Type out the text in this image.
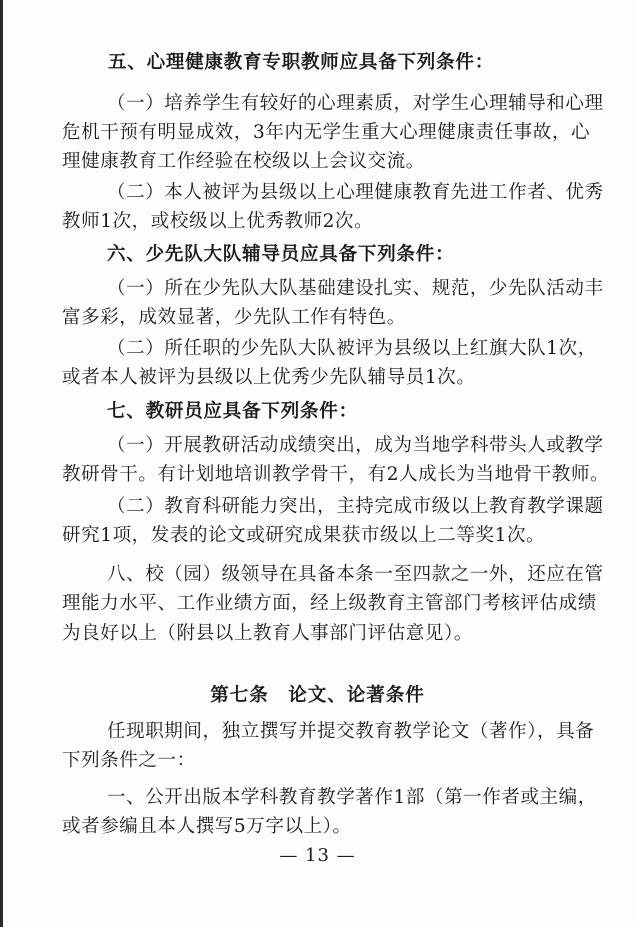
五、心理健康教育专职教师应具备下列条件：
（一）培养学生有较好的心理素质，对学生心理辅导和心理
危机干预有明显成效，3年内无学生重大心理健康责任事故，心
理健康教育工作经验在校级以上会议交流。
（二）本人被评为县级以上心理健康教育先进工作者、优秀
教师1次，或校级以上优秀教师2次。
六、少先队大队辅导员应具备下列条件：
（一）所在少先队大队基础建设扎实、规范，少先队活动丰
富多彩，成效显著，少先队工作有特色。
（二）所任职的少先队大队被评为县级以上红旗大队1次，
或者本人被评为县级以上优秀少先队辅导员1次。
七、教研员应具备下列条件：
（一）开展教研活动成绩突出，成为当地学科带头人或教学
教研骨干。有计划地培训教学骨干，有2人成长为当地骨干教师。
（二）教育科研能力突出，主持完成市级以上教育教学课题
研究1项，发表的论文或研究成果获市级以上二等奖1次。
八、校（园）级领导在具备本条一至四款之一外，还应在管
理能力水平、工作业绩方面，经上级教育主管部门考核评估成绩
为良好以上（附县以上教育人事部门评估意见）。
第七条　论文、论著条件
任现职期间，独立撰写并提交教育教学论文（著作），具备
下列条件之一：
一、公开出版本学科教育教学著作1部（第一作者或主编，
或者参编且本人撰写5万字以上）。
— 13 —
